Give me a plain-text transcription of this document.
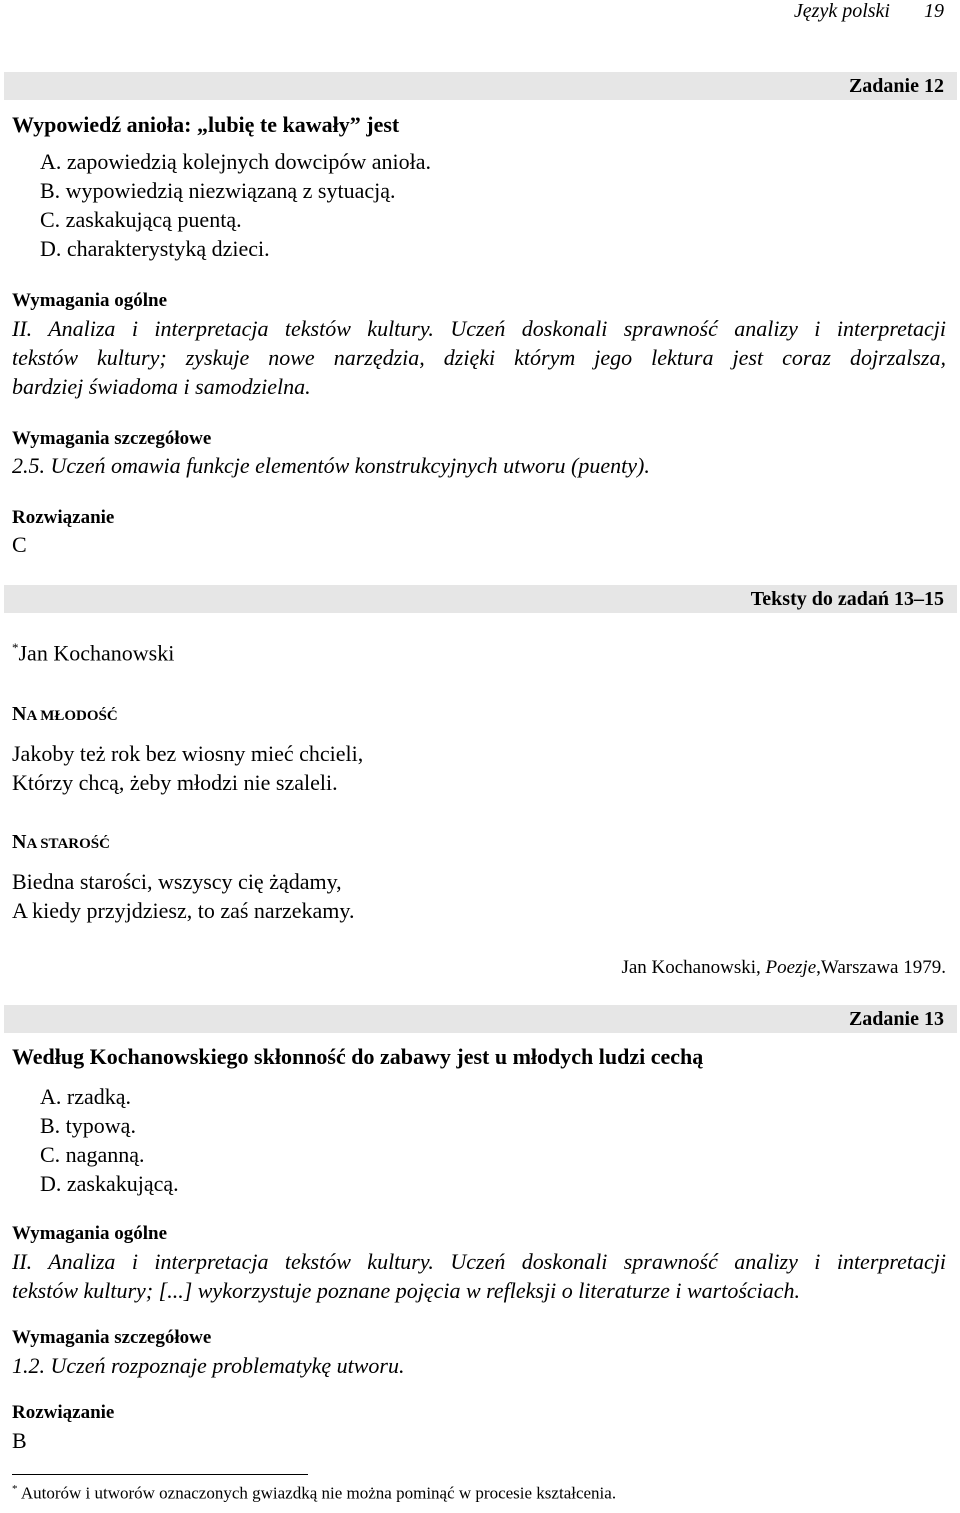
Język polski 19
Zadanie 12
Wypowiedź anioła: „lubię te kawały” jest
A. zapowiedzią kolejnych dowcipów anioła.
B. wypowiedzią niezwiązaną z sytuacją.
C. zaskakującą puentą.
D. charakterystyką dzieci.
Wymagania ogólne
II. Analiza i interpretacja tekstów kultury. Uczeń doskonali sprawność analizy i interpretacji
tekstów kultury; zyskuje nowe narzędzia, dzięki którym jego lektura jest coraz dojrzalsza,
bardziej świadoma i samodzielna.
Wymagania szczegółowe
2.5. Uczeń omawia funkcje elementów konstrukcyjnych utworu (puenty).
Rozwiązanie
C
Teksty do zadań 13–15
*Jan Kochanowski
NA MŁODOŚĆ
Jakoby też rok bez wiosny mieć chcieli,
Którzy chcą, żeby młodzi nie szaleli.
NA STAROŚĆ
Biedna starości, wszyscy cię żądamy,
A kiedy przyjdziesz, to zaś narzekamy.
Jan Kochanowski, Poezje,Warszawa 1979.
Zadanie 13
Według Kochanowskiego skłonność do zabawy jest u młodych ludzi cechą
A. rzadką.
B. typową.
C. naganną.
D. zaskakującą.
Wymagania ogólne
II. Analiza i interpretacja tekstów kultury. Uczeń doskonali sprawność analizy i interpretacji
tekstów kultury; [...] wykorzystuje poznane pojęcia w refleksji o literaturze i wartościach.
Wymagania szczegółowe
1.2. Uczeń rozpoznaje problematykę utworu.
Rozwiązanie
B
* Autorów i utworów oznaczonych gwiazdką nie można pominąć w procesie kształcenia.
